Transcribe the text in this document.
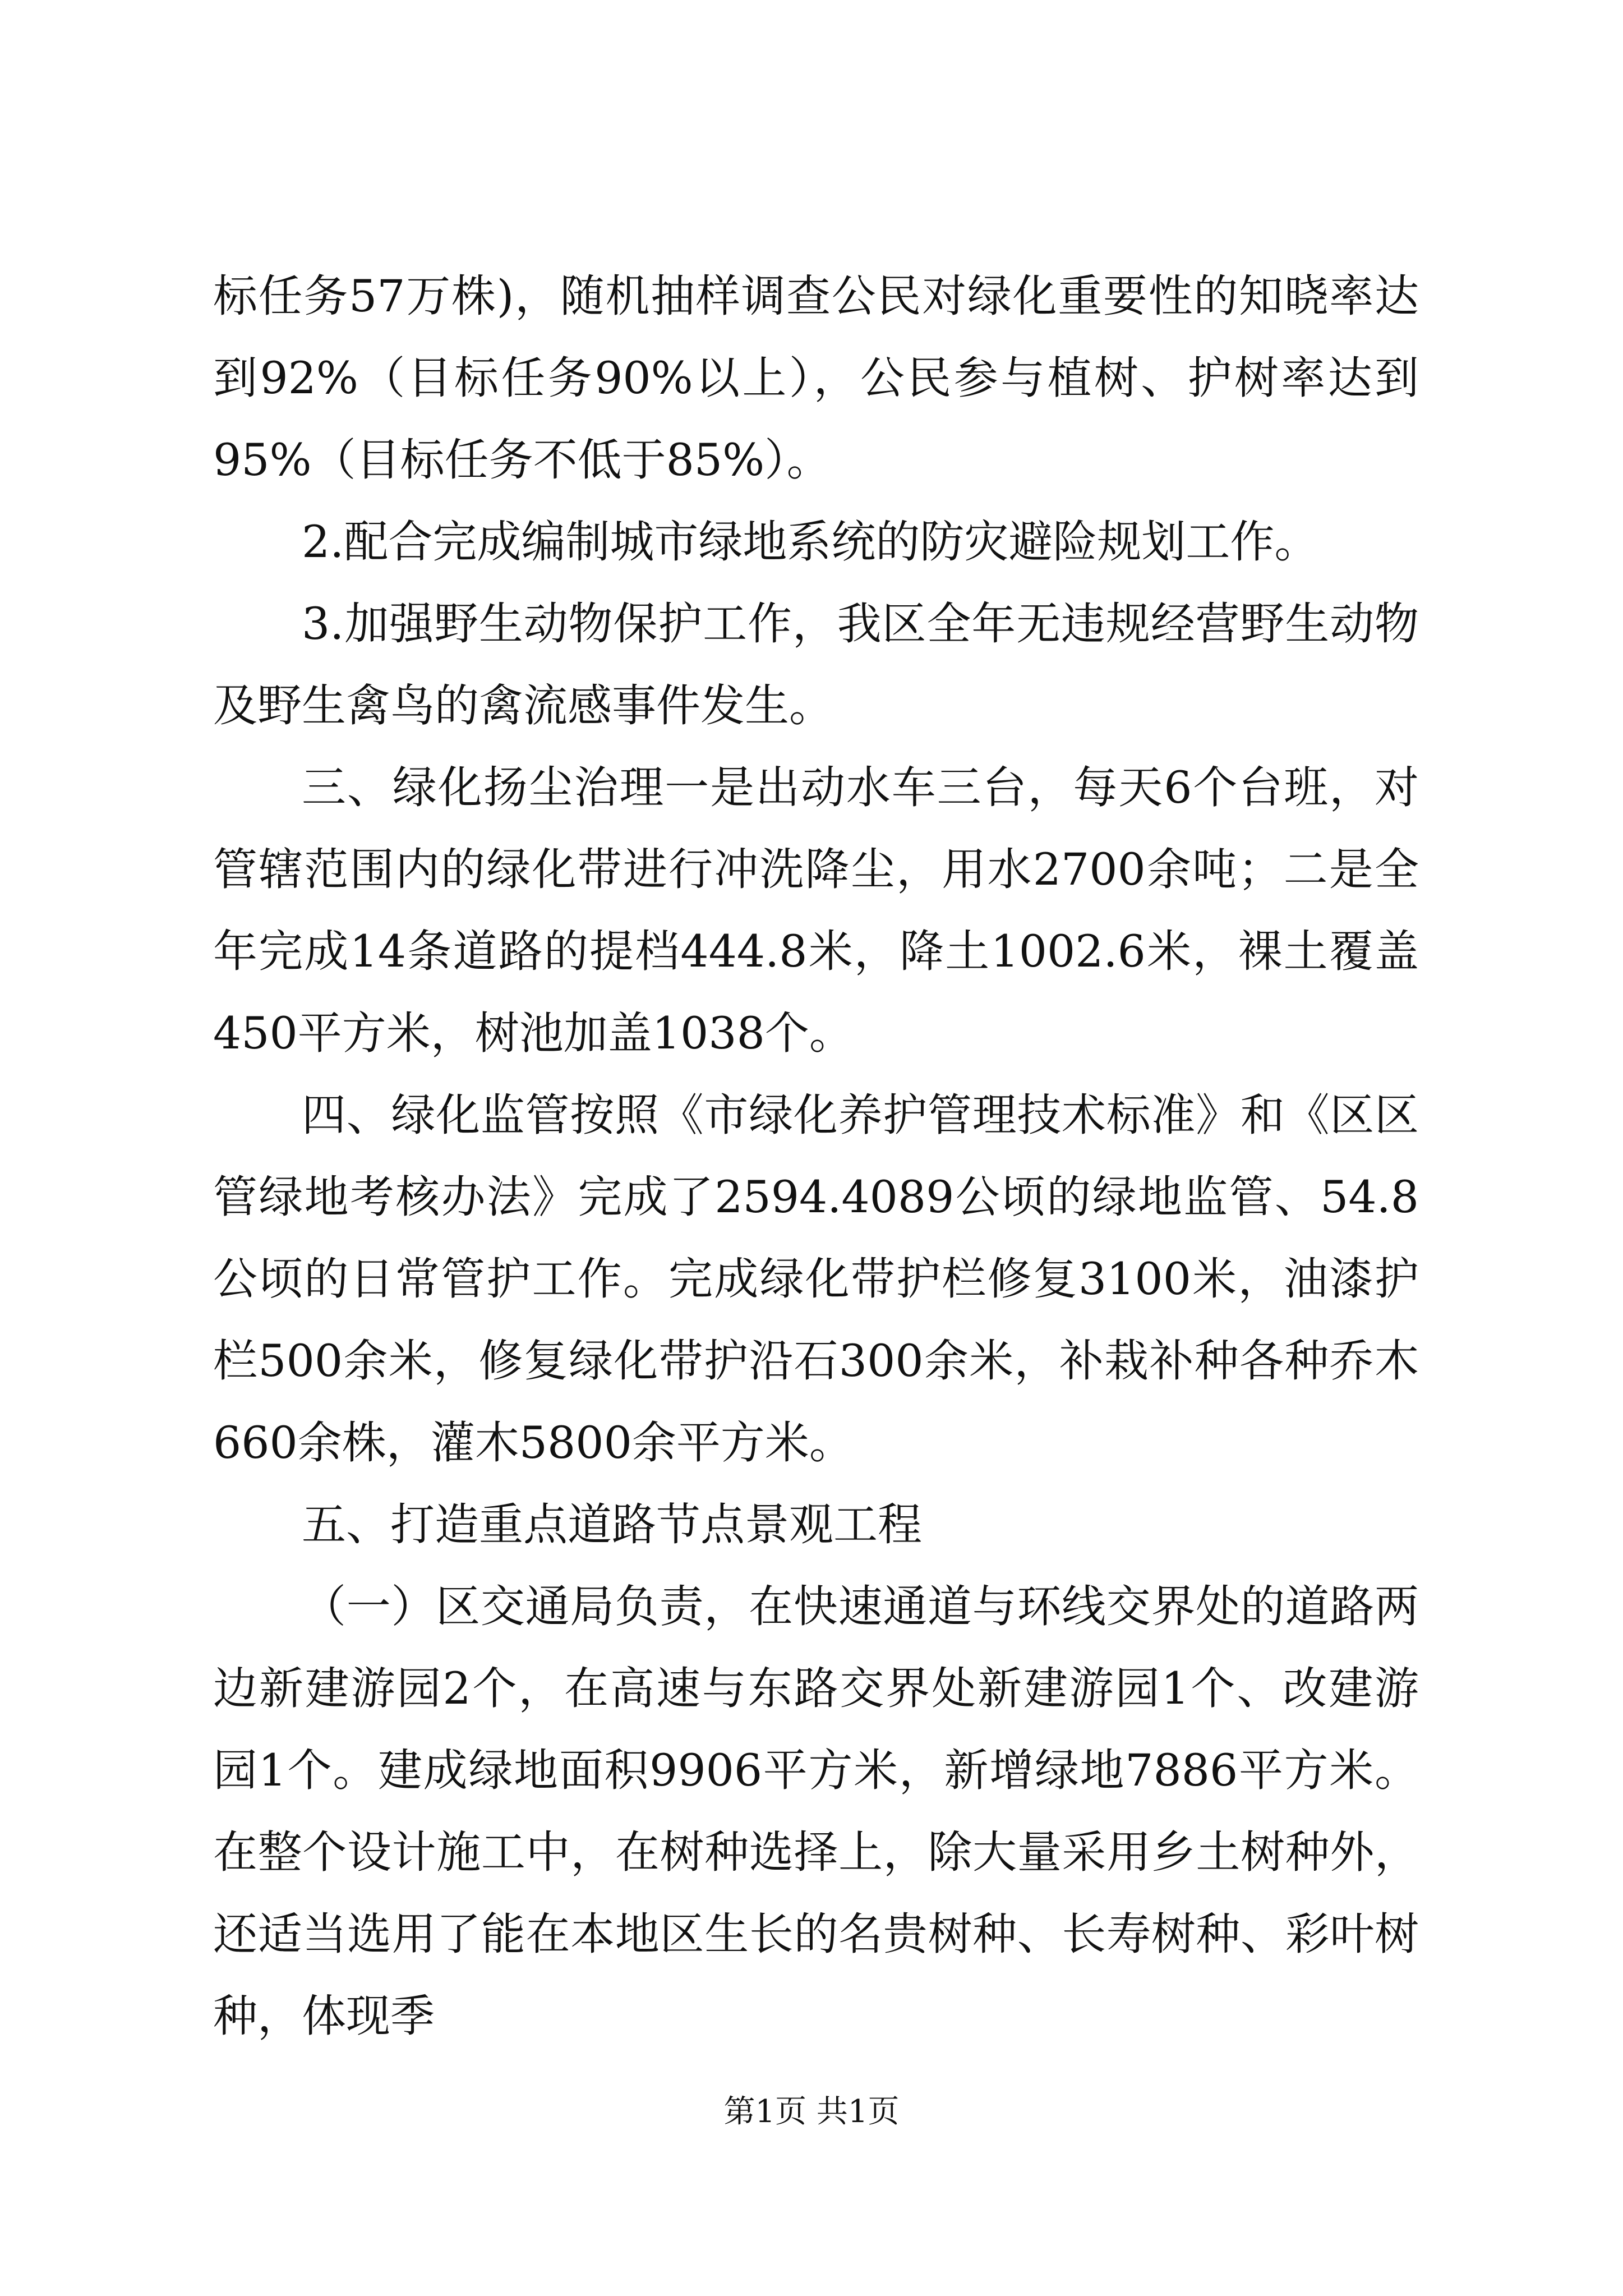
标任务57万株)，随机抽样调查公民对绿化重要性的知晓率达到92%（目标任务90%以上），公民参与植树、护树率达到95%（目标任务不低于85%）。

2.配合完成编制城市绿地系统的防灾避险规划工作。

3.加强野生动物保护工作，我区全年无违规经营野生动物及野生禽鸟的禽流感事件发生。

三、绿化扬尘治理一是出动水车三台，每天6个台班，对管辖范围内的绿化带进行冲洗降尘，用水2700余吨；二是全年完成14条道路的提档444.8米，降土1002.6米，裸土覆盖450平方米，树池加盖1038个。

四、绿化监管按照《市绿化养护管理技术标准》和《区区管绿地考核办法》完成了2594.4089公顷的绿地监管、54.8公顷的日常管护工作。完成绿化带护栏修复3100米，油漆护栏500余米，修复绿化带护沿石300余米，补栽补种各种乔木660余株，灌木5800余平方米。

五、打造重点道路节点景观工程

（一）区交通局负责，在快速通道与环线交界处的道路两边新建游园2个，在高速与东路交界处新建游园1个、改建游园1个。建成绿地面积9906平方米，新增绿地7886平方米。在整个设计施工中，在树种选择上，除大量采用乡土树种外，还适当选用了能在本地区生长的名贵树种、长寿树种、彩叶树种，体现季

第1页 共1页
